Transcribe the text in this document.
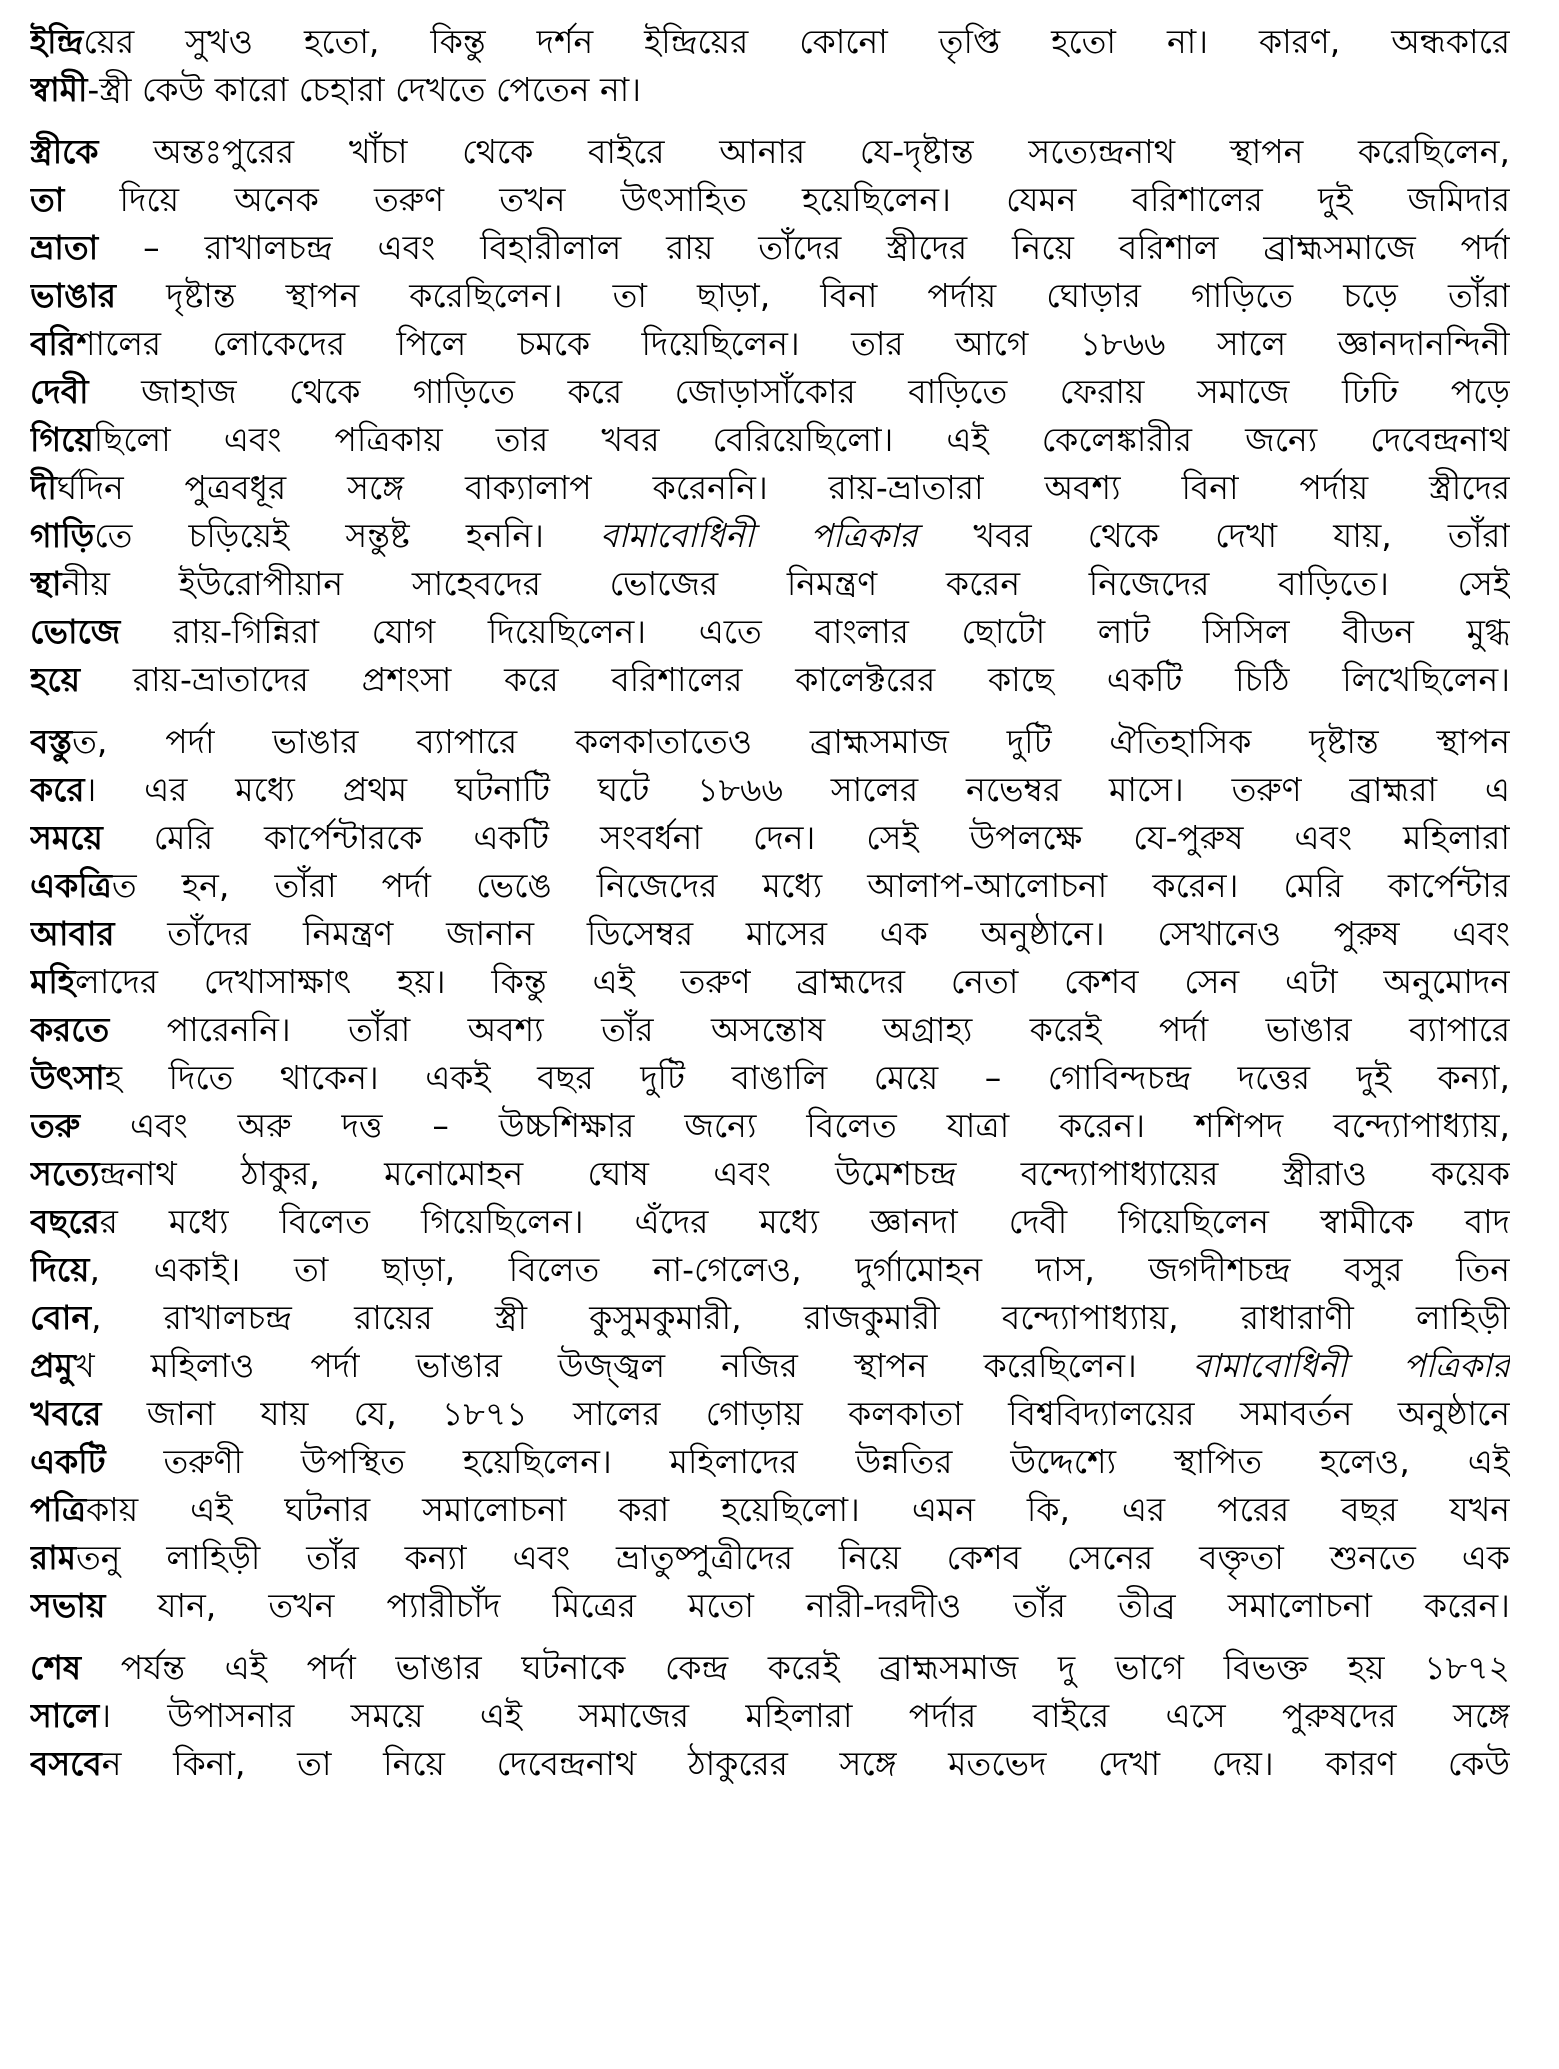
ইন্দ্রিয়ের সুখও হতো, কিন্তু দর্শন ইন্দ্রিয়ের কোনো তৃপ্তি হতো না। কারণ, অন্ধকারে
স্বামী-স্ত্রী কেউ কারো চেহারা দেখতে পেতেন না।
স্ত্রীকে অন্তঃপুরের খাঁচা থেকে বাইরে আনার যে-দৃষ্টান্ত সত্যেন্দ্রনাথ স্থাপন করেছিলেন,
তা দিয়ে অনেক তরুণ তখন উৎসাহিত হয়েছিলেন। যেমন বরিশালের দুই জমিদার
ভ্রাতা – রাখালচন্দ্র এবং বিহারীলাল রায় তাঁদের স্ত্রীদের নিয়ে বরিশাল ব্রাহ্মসমাজে পর্দা
ভাঙার দৃষ্টান্ত স্থাপন করেছিলেন। তা ছাড়া, বিনা পর্দায় ঘোড়ার গাড়িতে চড়ে তাঁরা
বরিশালের লোকেদের পিলে চমকে দিয়েছিলেন। তার আগে ১৮৬৬ সালে জ্ঞানদানন্দিনী
দেবী জাহাজ থেকে গাড়িতে করে জোড়াসাঁকোর বাড়িতে ফেরায় সমাজে ঢিঢি পড়ে
গিয়েছিলো এবং পত্রিকায় তার খবর বেরিয়েছিলো। এই কেলেঙ্কারীর জন্যে দেবেন্দ্রনাথ
দীর্ঘদিন পুত্রবধূর সঙ্গে বাক্যালাপ করেননি। রায়-ভ্রাতারা অবশ্য বিনা পর্দায় স্ত্রীদের
গাড়িতে চড়িয়েই সন্তুষ্ট হননি। বামাবোধিনী পত্রিকার খবর থেকে দেখা যায়, তাঁরা
স্থানীয় ইউরোপীয়ান সাহেবদের ভোজের নিমন্ত্রণ করেন নিজেদের বাড়িতে। সেই
ভোজে রায়-গিন্নিরা যোগ দিয়েছিলেন। এতে বাংলার ছোটো লাট সিসিল বীডন মুগ্ধ
হয়ে রায়-ভ্রাতাদের প্রশংসা করে বরিশালের কালেক্টরের কাছে একটি চিঠি লিখেছিলেন।
বস্তুত, পর্দা ভাঙার ব্যাপারে কলকাতাতেও ব্রাহ্মসমাজ দুটি ঐতিহাসিক দৃষ্টান্ত স্থাপন
করে। এর মধ্যে প্রথম ঘটনাটি ঘটে ১৮৬৬ সালের নভেম্বর মাসে। তরুণ ব্রাহ্মরা এ
সময়ে মেরি কার্পেন্টারকে একটি সংবর্ধনা দেন। সেই উপলক্ষে যে-পুরুষ এবং মহিলারা
একত্রিত হন, তাঁরা পর্দা ভেঙে নিজেদের মধ্যে আলাপ-আলোচনা করেন। মেরি কার্পেন্টার
আবার তাঁদের নিমন্ত্রণ জানান ডিসেম্বর মাসের এক অনুষ্ঠানে। সেখানেও পুরুষ এবং
মহিলাদের দেখাসাক্ষাৎ হয়। কিন্তু এই তরুণ ব্রাহ্মদের নেতা কেশব সেন এটা অনুমোদন
করতে পারেননি। তাঁরা অবশ্য তাঁর অসন্তোষ অগ্রাহ্য করেই পর্দা ভাঙার ব্যাপারে
উৎসাহ দিতে থাকেন। একই বছর দুটি বাঙালি মেয়ে – গোবিন্দচন্দ্র দত্তের দুই কন্যা,
তরু এবং অরু দত্ত – উচ্চশিক্ষার জন্যে বিলেত যাত্রা করেন। শশিপদ বন্দ্যোপাধ্যায়,
সত্যেন্দ্রনাথ ঠাকুর, মনোমোহন ঘোষ এবং উমেশচন্দ্র বন্দ্যোপাধ্যায়ের স্ত্রীরাও কয়েক
বছরের মধ্যে বিলেত গিয়েছিলেন। এঁদের মধ্যে জ্ঞানদা দেবী গিয়েছিলেন স্বামীকে বাদ
দিয়ে, একাই। তা ছাড়া, বিলেত না-গেলেও, দুর্গামোহন দাস, জগদীশচন্দ্র বসুর তিন
বোন, রাখালচন্দ্র রায়ের স্ত্রী কুসুমকুমারী, রাজকুমারী বন্দ্যোপাধ্যায়, রাধারাণী লাহিড়ী
প্রমুখ মহিলাও পর্দা ভাঙার উজ্জ্বল নজির স্থাপন করেছিলেন। বামাবোধিনী পত্রিকার
খবরে জানা যায় যে, ১৮৭১ সালের গোড়ায় কলকাতা বিশ্ববিদ্যালয়ের সমাবর্তন অনুষ্ঠানে
একটি তরুণী উপস্থিত হয়েছিলেন। মহিলাদের উন্নতির উদ্দেশ্যে স্থাপিত হলেও, এই
পত্রিকায় এই ঘটনার সমালোচনা করা হয়েছিলো। এমন কি, এর পরের বছর যখন
রামতনু লাহিড়ী তাঁর কন্যা এবং ভ্রাতুষ্পুত্রীদের নিয়ে কেশব সেনের বক্তৃতা শুনতে এক
সভায় যান, তখন প্যারীচাঁদ মিত্রের মতো নারী-দরদীও তাঁর তীব্র সমালোচনা করেন।
শেষ পর্যন্ত এই পর্দা ভাঙার ঘটনাকে কেন্দ্র করেই ব্রাহ্মসমাজ দু ভাগে বিভক্ত হয় ১৮৭২
সালে। উপাসনার সময়ে এই সমাজের মহিলারা পর্দার বাইরে এসে পুরুষদের সঙ্গে
বসবেন কিনা, তা নিয়ে দেবেন্দ্রনাথ ঠাকুরের সঙ্গে মতভেদ দেখা দেয়। কারণ কেউ
